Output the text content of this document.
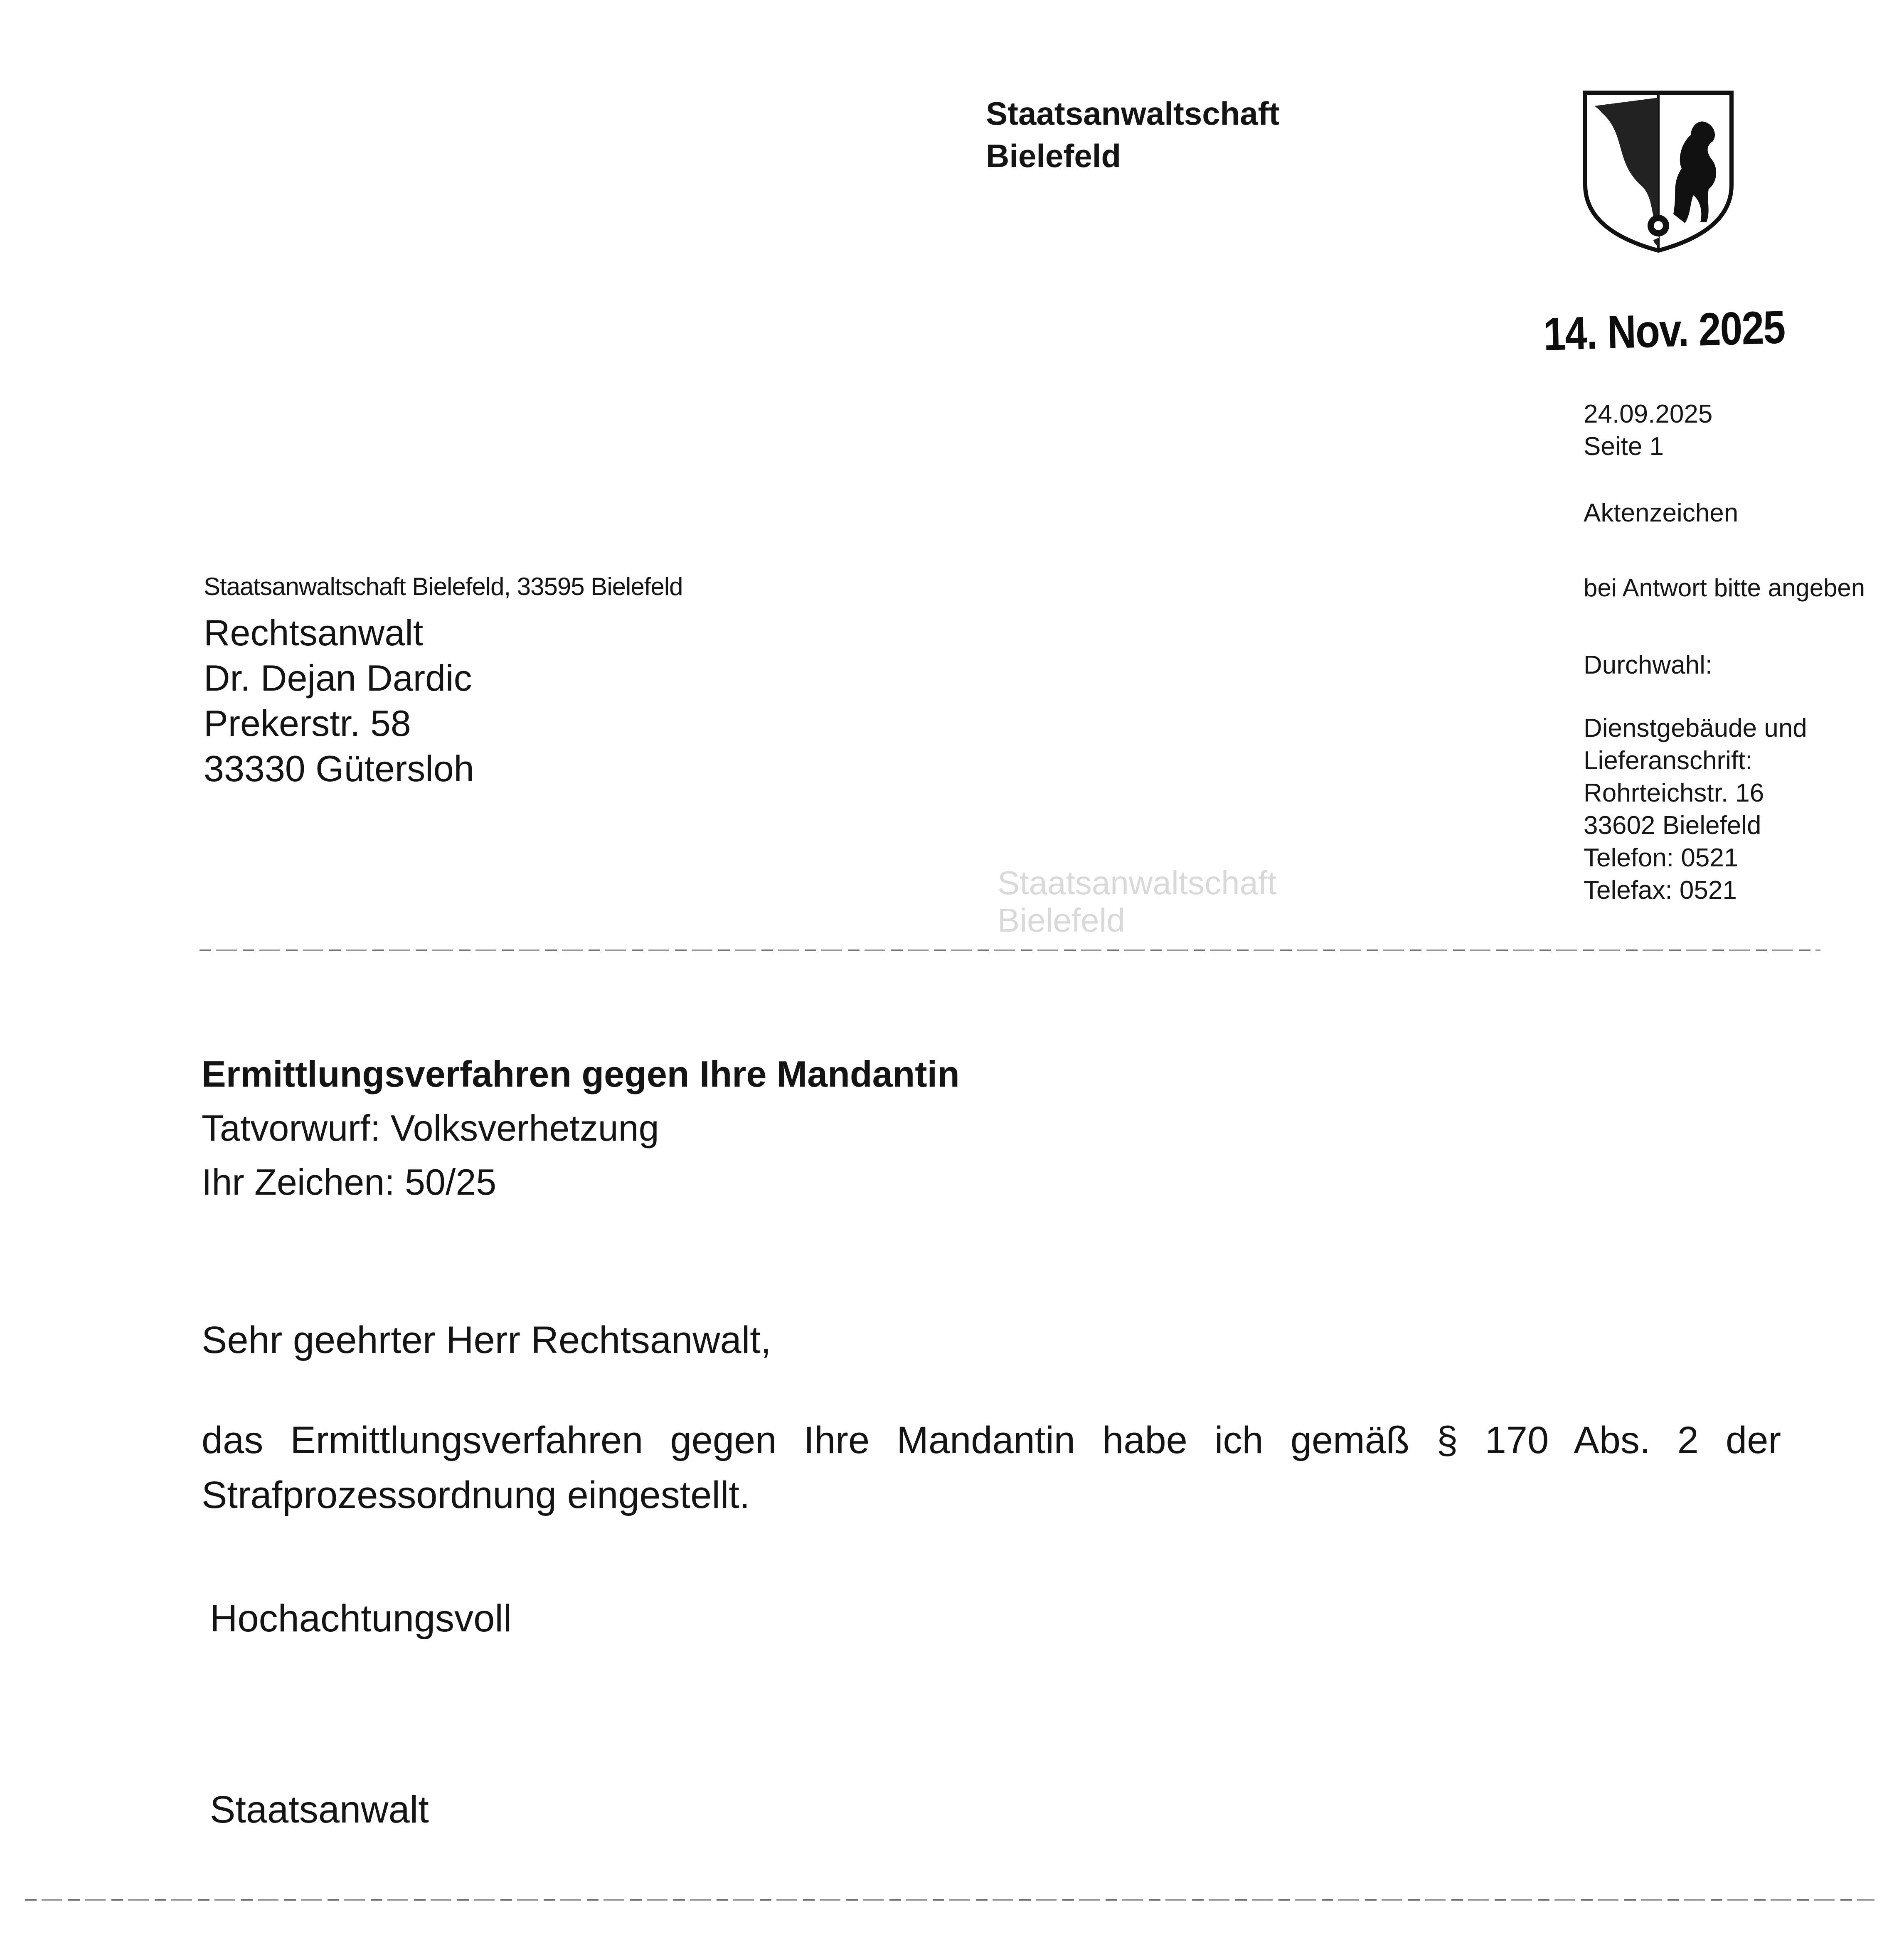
Staatsanwaltschaft
Bielefeld
Staatsanwaltschaft
Bielefeld
14. Nov. 2025
24.09.2025
Seite 1
Aktenzeichen
bei Antwort bitte angeben
Durchwahl:
Dienstgebäude und
Lieferanschrift:
Rohrteichstr. 16
33602 Bielefeld
Telefon: 0521
Telefax: 0521
Staatsanwaltschaft Bielefeld, 33595 Bielefeld
Rechtsanwalt
Dr. Dejan Dardic
Prekerstr. 58
33330 Gütersloh
Ermittlungsverfahren gegen Ihre Mandantin
Tatvorwurf: Volksverhetzung
Ihr Zeichen: 50/25
Sehr geehrter Herr Rechtsanwalt,
das Ermittlungsverfahren gegen Ihre Mandantin habe ich gemäß § 170 Abs. 2 der Strafprozessordnung eingestellt.
Hochachtungsvoll
Staatsanwalt
